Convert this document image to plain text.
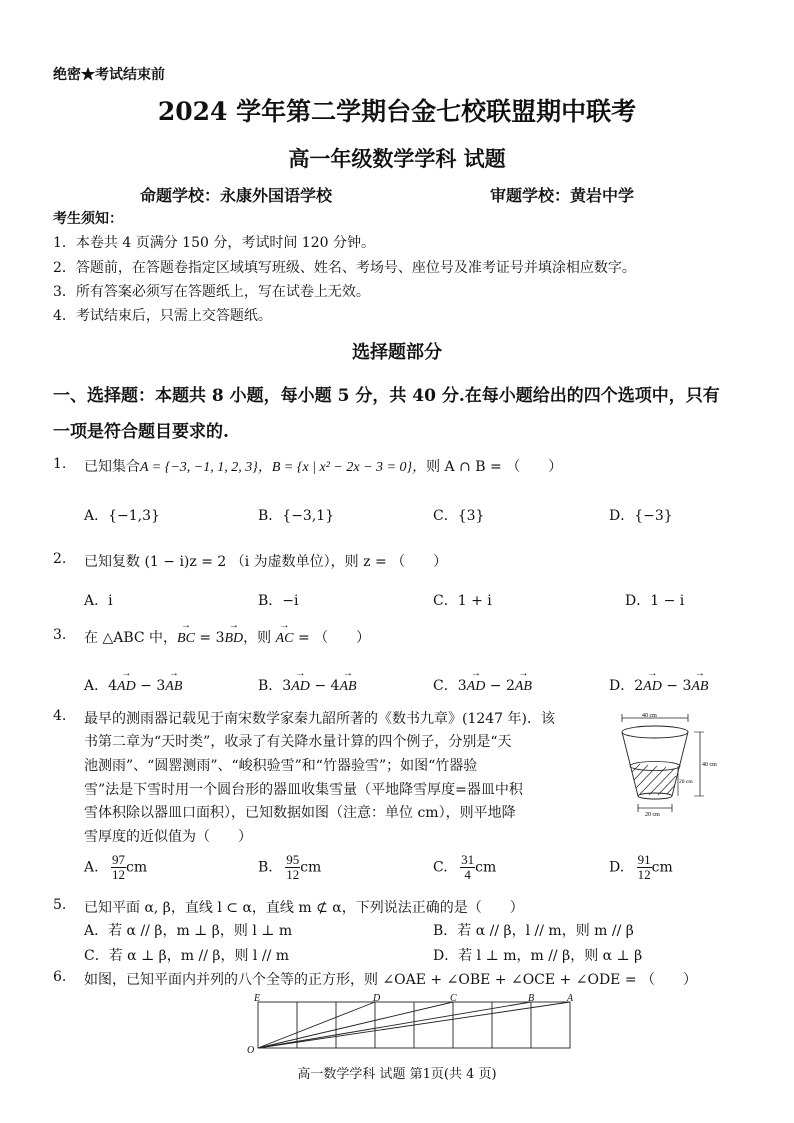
绝密★考试结束前
2024 学年第二学期台金七校联盟期中联考
高一年级数学学科 试题
命题学校：永康外国语学校	审题学校：黄岩中学
考生须知：
1．本卷共 4 页满分 150 分，考试时间 120 分钟。
2．答题前，在答题卷指定区域填写班级、姓名、考场号、座位号及准考证号并填涂相应数字。
3．所有答案必须写在答题纸上，写在试卷上无效。
4．考试结束后，只需上交答题纸。
选择题部分
一、选择题：本题共 8 小题，每小题 5 分，共 40 分.在每小题给出的四个选项中，只有
一项是符合题目要求的.
1. 已知集合A = {−3, −1, 1, 2, 3}，B = {x | x² − 2x − 3 = 0}，则 A ∩ B = （　　）
A．{−1,3}	B．{−3,1}	C．{3}	D．{−3}
2. 已知复数 (1 − i)z = 2 （i 为虚数单位），则 z = （　　）
A．i	B．−i	C．1 + i	D．1 − i
3. 在 △ABC 中，→ BC = 3→ BD，则 → AC = （　　）
A．4→ AD − 3→ AB	B．3→ AD − 4→ AB	C．3→ AD − 2→ AB	D．2→ AD − 3→ AB
4. 最早的测雨器记载见于南宋数学家秦九韶所著的《数书九章》(1247 年)．该
书第二章为“天时类”，收录了有关降水量计算的四个例子，分别是“天
池测雨”、“圆罂测雨”、“峻积验雪”和“竹器验雪”；如图“竹器验
雪”法是下雪时用一个圆台形的器皿收集雪量（平地降雪厚度=器皿中积
雪体积除以器皿口面积），已知数据如图（注意：单位 cm），则平地降
雪厚度的近似值为（　　）
40 cm
20 cm
40 cm
20 cm
A. $\frac{97}{12}$ cm	B. $\frac{95}{12}$ cm	C. $\frac{31}{4}$ cm	D. $\frac{91}{12}$ cm
5. 已知平面 α, β，直线 l ⊂ α，直线 m ⊄ α，下列说法正确的是（　　）
A．若 α // β，m ⊥ β，则 l ⊥ m	B．若 α // β，l // m，则 m // β
C．若 α ⊥ β，m // β，则 l // m	D．若 l ⊥ m，m // β，则 α ⊥ β
6. 如图，已知平面内并列的八个全等的正方形，则 ∠OAE + ∠OBE + ∠OCE + ∠ODE = （　　）
E	D	C	B	A
O
高一数学学科 试题 第1页(共 4 页)
